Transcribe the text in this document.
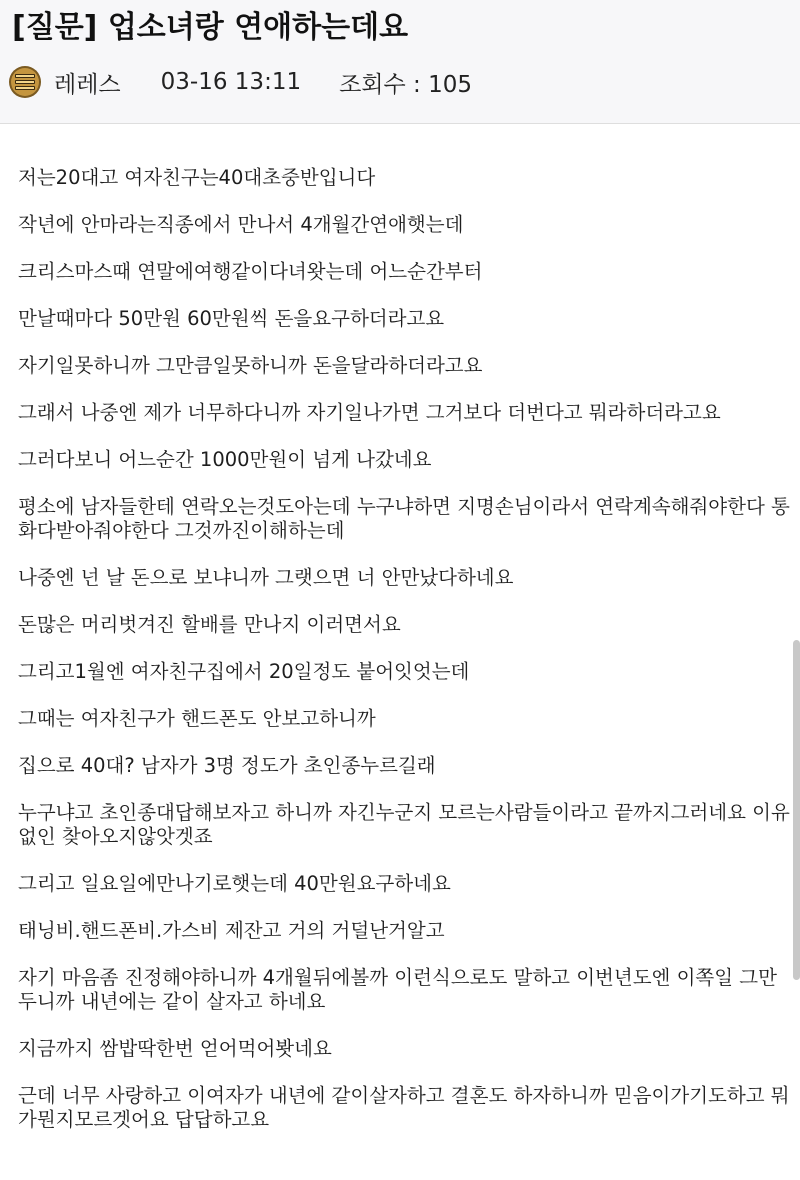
[질문] 업소녀랑 연애하는데요
레레스 03-16 13:11 조회수 : 105

저는20대고 여자친구는40대초중반입니다

작년에 안마라는직종에서 만나서 4개월간연애햇는데

크리스마스때 연말에여행같이다녀왓는데 어느순간부터

만날때마다 50만원 60만원씩 돈을요구하더라고요

자기일못하니까 그만큼일못하니까 돈을달라하더라고요

그래서 나중엔 제가 너무하다니까 자기일나가면 그거보다 더번다고 뭐라하더라고요

그러다보니 어느순간 1000만원이 넘게 나갔네요

평소에 남자들한테 연락오는것도아는데 누구냐하면 지명손님이라서 연락계속해줘야한다 통화다받아줘야한다 그것까진이해하는데

나중엔 넌 날 돈으로 보냐니까 그랫으면 너 안만났다하네요

돈많은 머리벗겨진 할배를 만나지 이러면서요

그리고1월엔 여자친구집에서 20일정도 붙어잇엇는데

그때는 여자친구가 핸드폰도 안보고하니까

집으로 40대? 남자가 3명 정도가 초인종누르길래

누구냐고 초인종대답해보자고 하니까 자긴누군지 모르는사람들이라고 끝까지그러네요 이유없인 찾아오지않앗겟죠

그리고 일요일에만나기로햇는데 40만원요구하네요

태닝비.핸드폰비.가스비 제잔고 거의 거덜난거알고

자기 마음좀 진정해야하니까 4개월뒤에볼까 이런식으로도 말하고 이번년도엔 이쪽일 그만두니까 내년에는 같이 살자고 하네요

지금까지 쌈밥딱한번 얻어먹어봣네요

근데 너무 사랑하고 이여자가 내년에 같이살자하고 결혼도 하자하니까 믿음이가기도하고 뭐가뭔지모르겟어요 답답하고요
